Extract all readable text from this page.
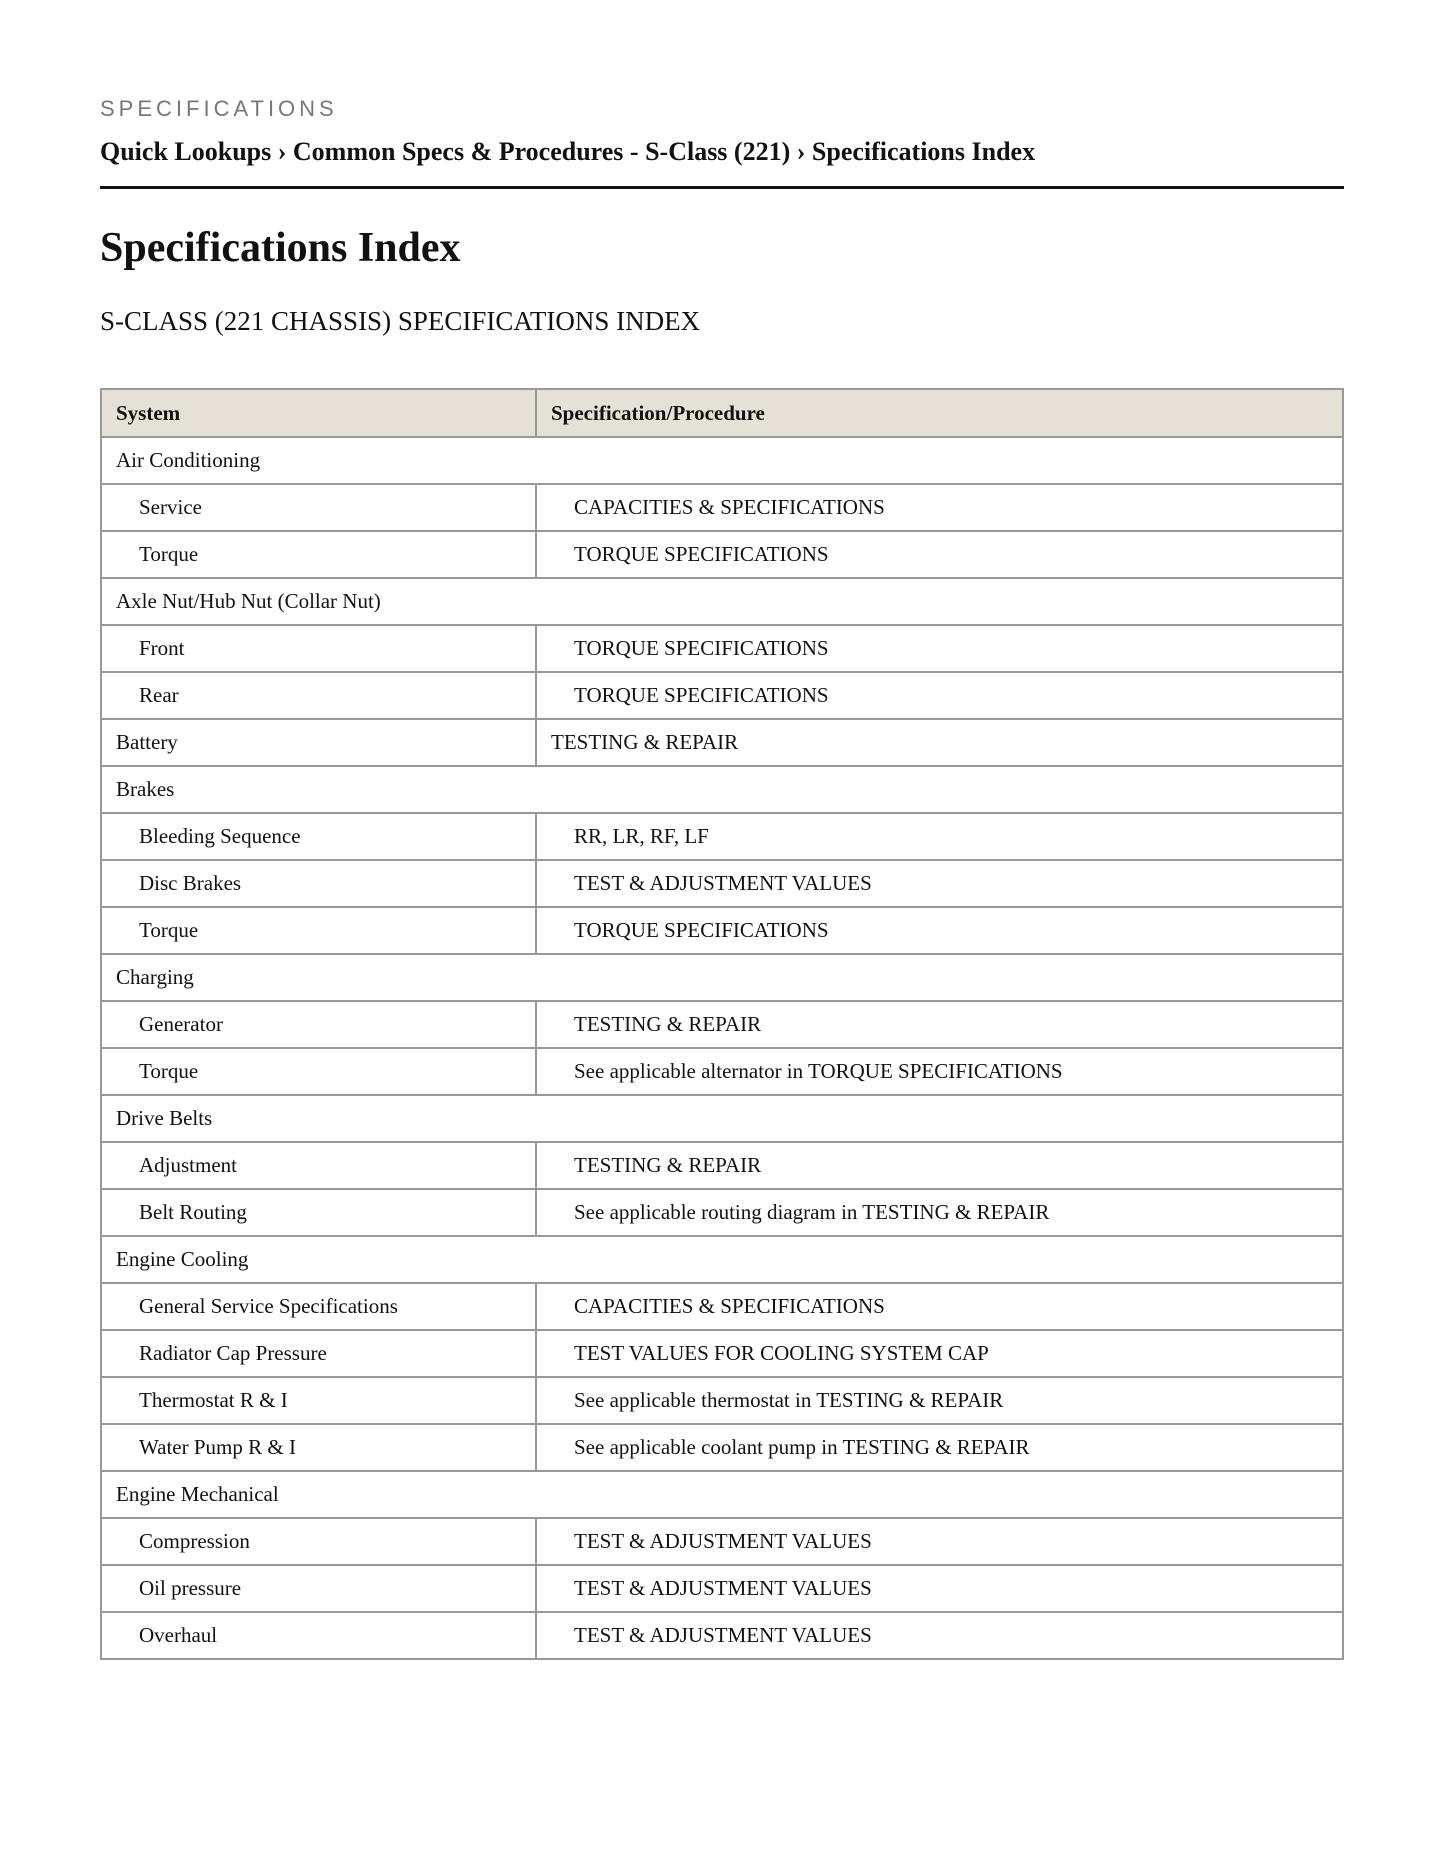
SPECIFICATIONS
Quick Lookups › Common Specs & Procedures - S-Class (221) › Specifications Index
Specifications Index
S-CLASS (221 CHASSIS) SPECIFICATIONS INDEX
System	Specification/Procedure
Air Conditioning	
Service	CAPACITIES & SPECIFICATIONS
Torque	TORQUE SPECIFICATIONS
Axle Nut/Hub Nut (Collar Nut)	
Front	TORQUE SPECIFICATIONS
Rear	TORQUE SPECIFICATIONS
Battery	TESTING & REPAIR
Brakes	
Bleeding Sequence	RR, LR, RF, LF
Disc Brakes	TEST & ADJUSTMENT VALUES
Torque	TORQUE SPECIFICATIONS
Charging	
Generator	TESTING & REPAIR
Torque	See applicable alternator in TORQUE SPECIFICATIONS
Drive Belts	
Adjustment	TESTING & REPAIR
Belt Routing	See applicable routing diagram in TESTING & REPAIR
Engine Cooling	
General Service Specifications	CAPACITIES & SPECIFICATIONS
Radiator Cap Pressure	TEST VALUES FOR COOLING SYSTEM CAP
Thermostat R & I	See applicable thermostat in TESTING & REPAIR
Water Pump R & I	See applicable coolant pump in TESTING & REPAIR
Engine Mechanical	
Compression	TEST & ADJUSTMENT VALUES
Oil pressure	TEST & ADJUSTMENT VALUES
Overhaul	TEST & ADJUSTMENT VALUES
